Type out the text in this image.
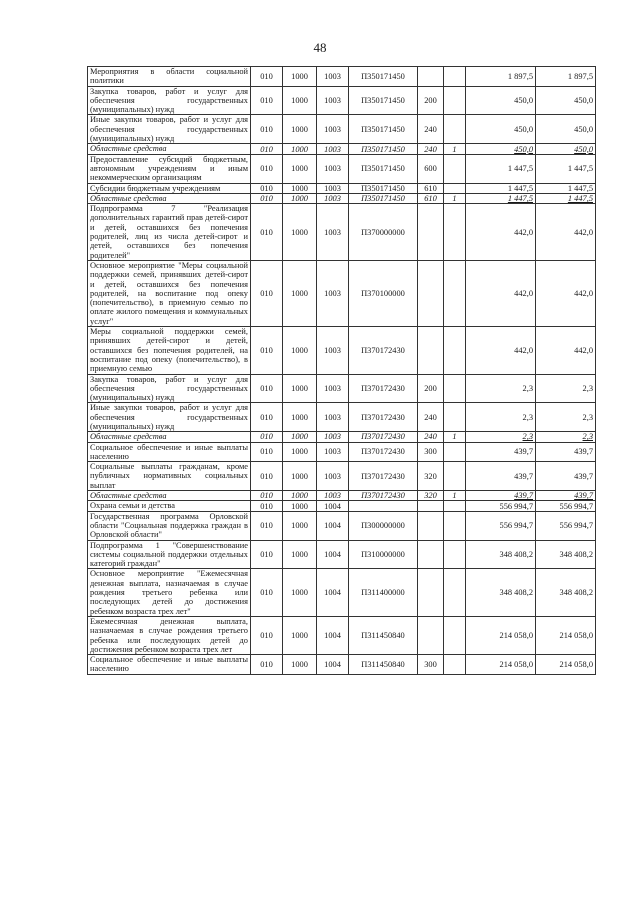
48
Мероприятия в области социальной политики	010	1000	1003	П350171450			1 897,5	1 897,5
Закупка товаров, работ и услуг для обеспечения государственных (муниципальных) нужд	010	1000	1003	П350171450	200		450,0	450,0
Иные закупки товаров, работ и услуг для обеспечения государственных (муниципальных) нужд	010	1000	1003	П350171450	240		450,0	450,0
Областные средства	010	1000	1003	П350171450	240	1	450,0	450,0
Предоставление субсидий бюджетным, автономным учреждениям и иным некоммерческим организациям	010	1000	1003	П350171450	600		1 447,5	1 447,5
Субсидии бюджетным учреждениям	010	1000	1003	П350171450	610		1 447,5	1 447,5
Областные средства	010	1000	1003	П350171450	610	1	1 447,5	1 447,5
Подпрограмма 7 "Реализация дополнительных гарантий прав детей-сирот и детей, оставшихся без попечения родителей, лиц из числа детей-сирот и детей, оставшихся без попечения родителей"	010	1000	1003	П370000000			442,0	442,0
Основное мероприятие "Меры социальной поддержки семей, принявших детей-сирот и детей, оставшихся без попечения родителей, на воспитание под опеку (попечительство), в приемную семью по оплате жилого помещения и коммунальных услуг"	010	1000	1003	П370100000			442,0	442,0
Меры социальной поддержки семей, принявших детей-сирот и детей, оставшихся без попечения родителей, на воспитание под опеку (попечительство), в приемную семью	010	1000	1003	П370172430			442,0	442,0
Закупка товаров, работ и услуг для обеспечения государственных (муниципальных) нужд	010	1000	1003	П370172430	200		2,3	2,3
Иные закупки товаров, работ и услуг для обеспечения государственных (муниципальных) нужд	010	1000	1003	П370172430	240		2,3	2,3
Областные средства	010	1000	1003	П370172430	240	1	2,3	2,3
Социальное обеспечение и иные выплаты населению	010	1000	1003	П370172430	300		439,7	439,7
Социальные выплаты гражданам, кроме публичных нормативных социальных выплат	010	1000	1003	П370172430	320		439,7	439,7
Областные средства	010	1000	1003	П370172430	320	1	439,7	439,7
Охрана семьи и детства	010	1000	1004				556 994,7	556 994,7
Государственная программа Орловской области "Социальная поддержка граждан в Орловской области"	010	1000	1004	П300000000			556 994,7	556 994,7
Подпрограмма 1 "Совершенствование системы социальной поддержки отдельных категорий граждан"	010	1000	1004	П310000000			348 408,2	348 408,2
Основное мероприятие "Ежемесячная денежная выплата, назначаемая в случае рождения третьего ребенка или последующих детей до достижения ребенком возраста трех лет"	010	1000	1004	П311400000			348 408,2	348 408,2
Ежемесячная денежная выплата, назначаемая в случае рождения третьего ребенка или последующих детей до достижения ребенком возраста трех лет	010	1000	1004	П311450840			214 058,0	214 058,0
Социальное обеспечение и иные выплаты населению	010	1000	1004	П311450840	300		214 058,0	214 058,0
